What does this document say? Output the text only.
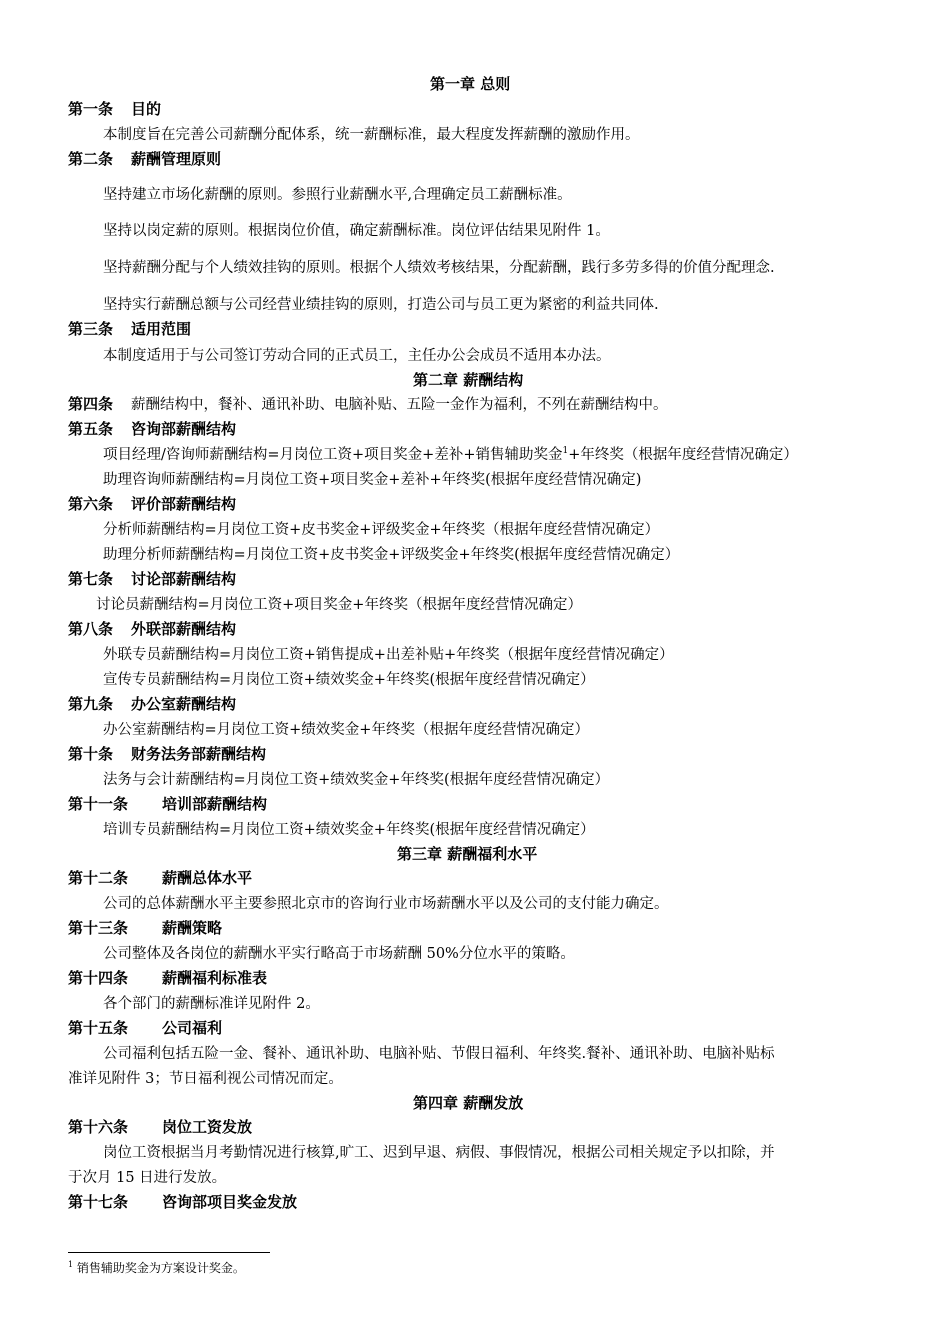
第一章 总则
第一条 目的
本制度旨在完善公司薪酬分配体系，统一薪酬标准，最大程度发挥薪酬的激励作用。
第二条 薪酬管理原则
坚持建立市场化薪酬的原则。参照行业薪酬水平,合理确定员工薪酬标准。
坚持以岗定薪的原则。根据岗位价值，确定薪酬标准。岗位评估结果见附件 1。
坚持薪酬分配与个人绩效挂钩的原则。根据个人绩效考核结果，分配薪酬，践行多劳多得的价值分配理念.
坚持实行薪酬总额与公司经营业绩挂钩的原则，打造公司与员工更为紧密的利益共同体.
第三条 适用范围
本制度适用于与公司签订劳动合同的正式员工，主任办公会成员不适用本办法。
第二章 薪酬结构
第四条 薪酬结构中，餐补、通讯补助、电脑补贴、五险一金作为福利，不列在薪酬结构中。
第五条 咨询部薪酬结构
项目经理/咨询师薪酬结构=月岗位工资+项目奖金+差补+销售辅助奖金$^1$+年终奖（根据年度经营情况确定）
助理咨询师薪酬结构=月岗位工资+项目奖金+差补+年终奖(根据年度经营情况确定)
第六条 评价部薪酬结构
分析师薪酬结构=月岗位工资+皮书奖金+评级奖金+年终奖（根据年度经营情况确定）
助理分析师薪酬结构=月岗位工资+皮书奖金+评级奖金+年终奖(根据年度经营情况确定）
第七条 讨论部薪酬结构
讨论员薪酬结构=月岗位工资+项目奖金+年终奖（根据年度经营情况确定）
第八条 外联部薪酬结构
外联专员薪酬结构=月岗位工资+销售提成+出差补贴+年终奖（根据年度经营情况确定）
宣传专员薪酬结构=月岗位工资+绩效奖金+年终奖(根据年度经营情况确定）
第九条 办公室薪酬结构
办公室薪酬结构=月岗位工资+绩效奖金+年终奖（根据年度经营情况确定）
第十条 财务法务部薪酬结构
法务与会计薪酬结构=月岗位工资+绩效奖金+年终奖(根据年度经营情况确定）
第十一条 培训部薪酬结构
培训专员薪酬结构=月岗位工资+绩效奖金+年终奖(根据年度经营情况确定）
第三章 薪酬福利水平
第十二条 薪酬总体水平
公司的总体薪酬水平主要参照北京市的咨询行业市场薪酬水平以及公司的支付能力确定。
第十三条 薪酬策略
公司整体及各岗位的薪酬水平实行略高于市场薪酬 50%分位水平的策略。
第十四条 薪酬福利标准表
各个部门的薪酬标准详见附件 2。
第十五条 公司福利
公司福利包括五险一金、餐补、通讯补助、电脑补贴、节假日福利、年终奖.餐补、通讯补助、电脑补贴标
准详见附件 3；节日福利视公司情况而定。
第四章 薪酬发放
第十六条 岗位工资发放
岗位工资根据当月考勤情况进行核算,旷工、迟到早退、病假、事假情况，根据公司相关规定予以扣除，并
于次月 15 日进行发放。
第十七条 咨询部项目奖金发放
$^1$ 销售辅助奖金为方案设计奖金。
